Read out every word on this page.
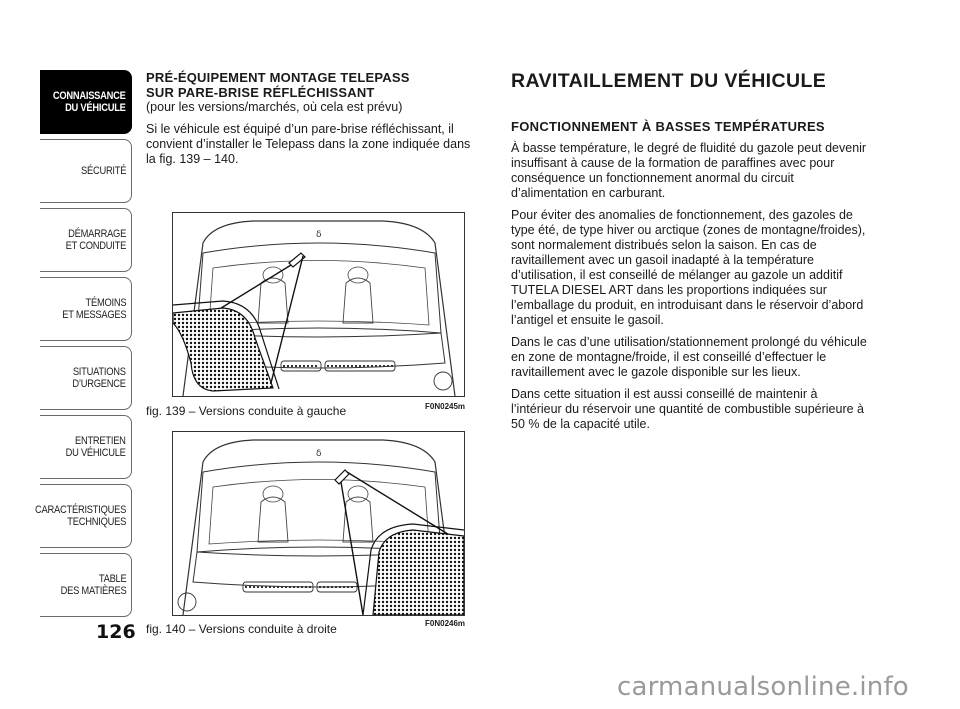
CONNAISSANCE
DU VÉHICULE
SÉCURITÉ
DÉMARRAGE
ET CONDUITE
TÉMOINS
ET MESSAGES
SITUATIONS
D’URGENCE
ENTRETIEN
DU VÉHICULE
CARACTÉRISTIQUES
TECHNIQUES
TABLE
DES MATIÈRES
126

PRÉ-ÉQUIPEMENT MONTAGE TELEPASS

SUR PARE-BRISE RÉFLÉCHISSANT

(pour les versions/marchés, où cela est prévu)

Si le véhicule est équipé d’un pare-brise réfléchissant, il convient d’installer le Telepass dans la zone indiquée dans la fig. 139 – 140.

δ
fig. 139 – Versions conduite à gauche	F0N0245m
δ
fig. 140 – Versions conduite à droite	F0N0246m
RAVITAILLEMENT DU VÉHICULE
FONCTIONNEMENT À BASSES TEMPÉRATURES

À basse température, le degré de fluidité du gazole peut devenir insuffisant à cause de la formation de paraffines avec pour conséquence un fonctionnement anormal du circuit d’alimentation en carburant.

Pour éviter des anomalies de fonctionnement, des gazoles de type été, de type hiver ou arctique (zones de montagne/froides), sont normalement distribués selon la saison. En cas de ravitaillement avec un gasoil inadapté à la température d’utilisation, il est conseillé de mélanger au gazole un additif TUTELA DIESEL ART dans les proportions indiquées sur l’emballage du produit, en introduisant dans le réservoir d’abord l’antigel et ensuite le gasoil.

Dans le cas d’une utilisation/stationnement prolongé du véhicule en zone de montagne/froide, il est conseillé d’effectuer le ravitaillement avec le gazole disponible sur les lieux.

Dans cette situation il est aussi conseillé de maintenir à l’intérieur du réservoir une quantité de combustible supérieure à 50 % de la capacité utile.

carmanualsonline.info
